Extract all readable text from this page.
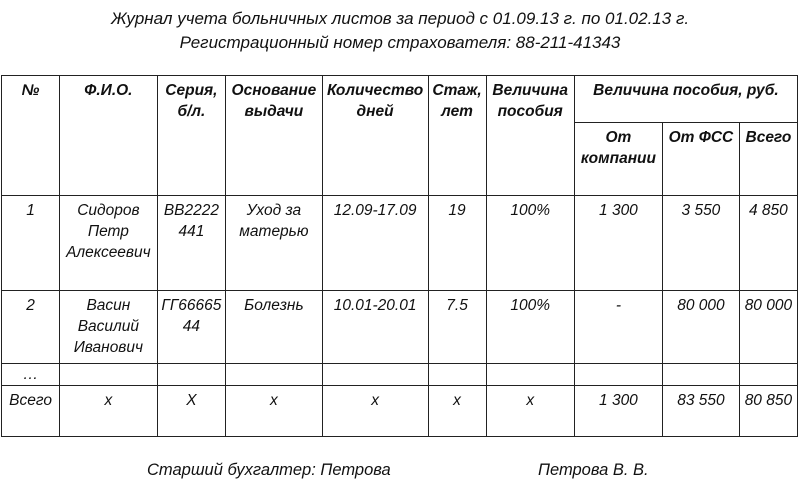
Журнал учета больничных листов за период с 01.09.13 г. по 01.02.13 г.
Регистрационный номер страхователя: 88-211-41343
№	Ф.И.О.	Серия, б/л.	Основание выдачи	Количество дней	Стаж, лет	Величина пособия	Величина пособия, руб.		
							От компании	От ФСС	Всего
1	Сидоров Петр Алексеевич	ВВ2222441	Уход за матерью	12.09-17.09	19	100%	1 300	3 550	4 850
2	Васин Василий Иванович	ГГ6666544	Болезнь	10.01-20.01	7.5	100%	-	80 000	80 000
…									
Всего	x	X	x	x	x	x	1 300	83 550	80 850
Старший бухгалтер: Петрова	Петрова В. В.
